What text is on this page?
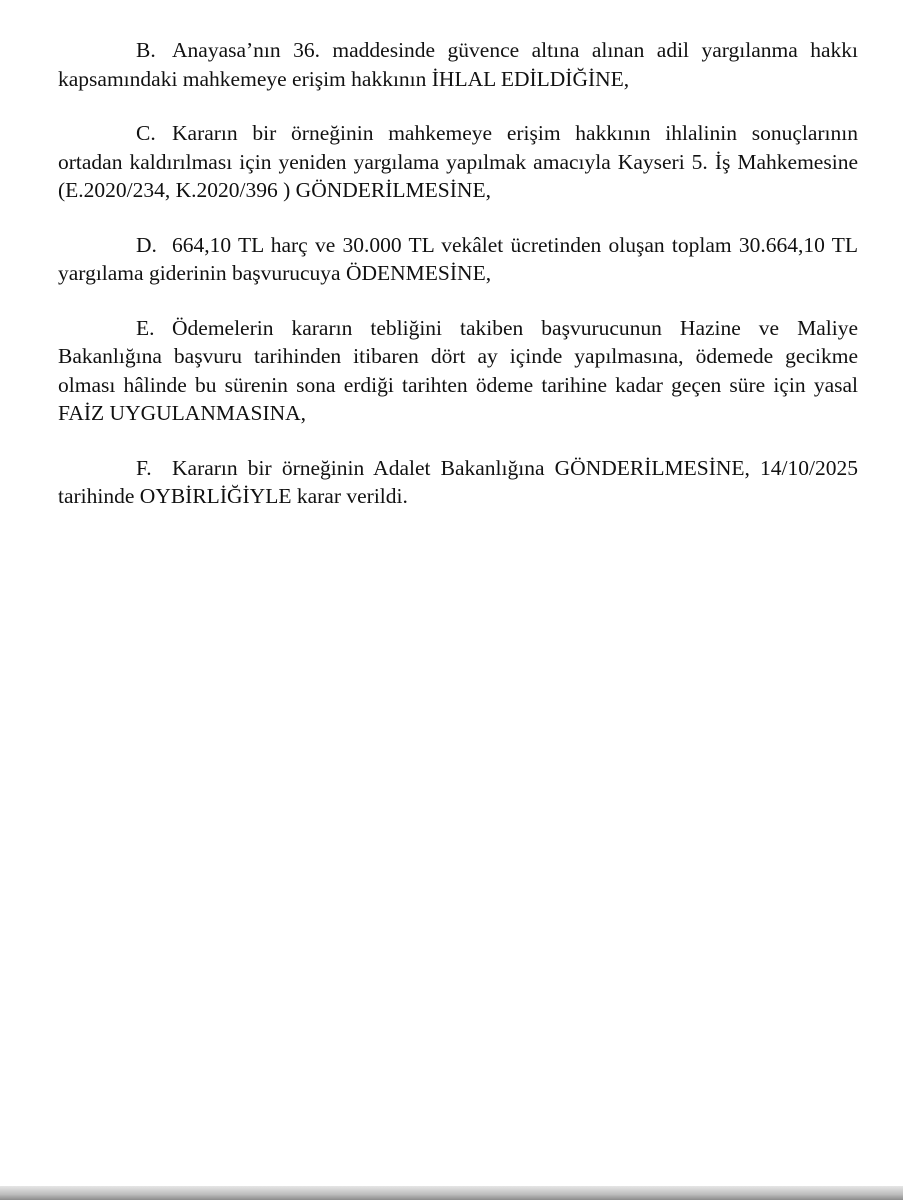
B. Anayasa’nın 36. maddesinde güvence altına alınan adil yargılanma hakkı kapsamındaki mahkemeye erişim hakkının İHLAL EDİLDİĞİNE,

C. Kararın bir örneğinin mahkemeye erişim hakkının ihlalinin sonuçlarının ortadan kaldırılması için yeniden yargılama yapılmak amacıyla Kayseri 5. İş Mahkemesine (E.2020/234, K.2020/396 ) GÖNDERİLMESİNE,

D. 664,10 TL harç ve 30.000 TL vekâlet ücretinden oluşan toplam 30.664,10 TL yargılama giderinin başvurucuya ÖDENMESİNE,

E. Ödemelerin kararın tebliğini takiben başvurucunun Hazine ve Maliye Bakanlığına başvuru tarihinden itibaren dört ay içinde yapılmasına, ödemede gecikme olması hâlinde bu sürenin sona erdiği tarihten ödeme tarihine kadar geçen süre için yasal FAİZ UYGULANMASINA,

F. Kararın bir örneğinin Adalet Bakanlığına GÖNDERİLMESİNE, 14/10/2025 tarihinde OYBİRLİĞİYLE karar verildi.
